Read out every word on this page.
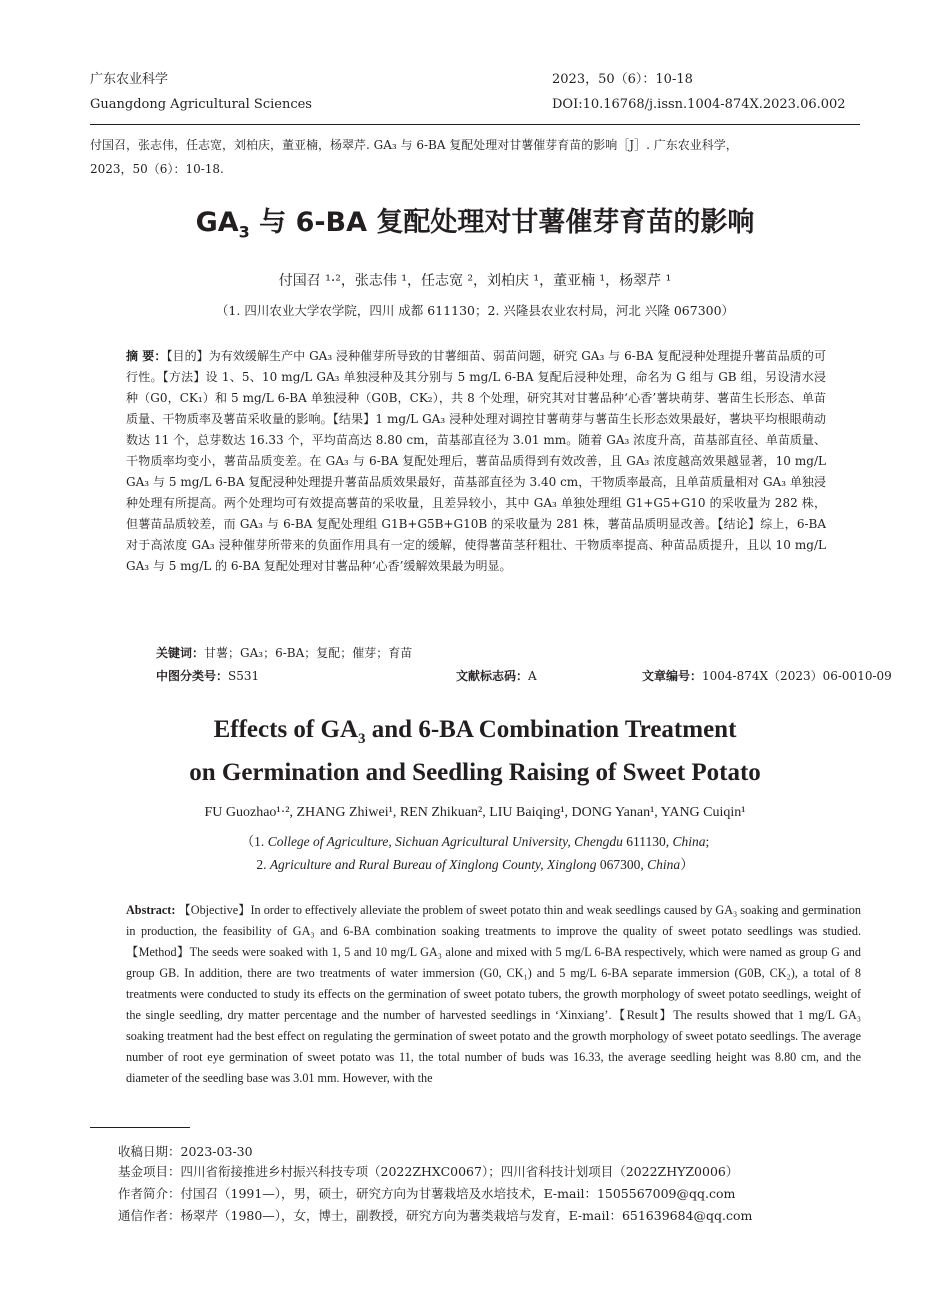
广东农业科学	2023，50（6）：10-18
Guangdong Agricultural Sciences	DOI:10.16768/j.issn.1004-874X.2023.06.002
付国召，张志伟，任志宽，刘柏庆，董亚楠，杨翠芹. GA₃ 与 6-BA 复配处理对甘薯催芽育苗的影响［J］. 广东农业科学，
2023，50（6）：10-18.
$GA_3$ 与 6-BA 复配处理对甘薯催芽育苗的影响
付国召 ¹·²，张志伟 ¹，任志宽 ²，刘柏庆 ¹，董亚楠 ¹，杨翠芹 ¹
（1. 四川农业大学农学院，四川 成都 611130；2. 兴隆县农业农村局，河北 兴隆 067300）
摘 要：【目的】为有效缓解生产中 GA₃ 浸种催芽所导致的甘薯细苗、弱苗问题，研究 GA₃ 与 6-BA 复配浸种处理提升薯苗品质的可行性。【方法】设 1、5、10 mg/L GA₃ 单独浸种及其分别与 5 mg/L 6-BA 复配后浸种处理，命名为 G 组与 GB 组，另设清水浸种（G0，CK₁）和 5 mg/L 6-BA 单独浸种（G0B，CK₂），共 8 个处理，研究其对甘薯品种‘心香’薯块萌芽、薯苗生长形态、单苗质量、干物质率及薯苗采收量的影响。【结果】1 mg/L GA₃ 浸种处理对调控甘薯萌芽与薯苗生长形态效果最好，薯块平均根眼萌动数达 11 个，总芽数达 16.33 个，平均苗高达 8.80 cm，苗基部直径为 3.01 mm。随着 GA₃ 浓度升高，苗基部直径、单苗质量、干物质率均变小，薯苗品质变差。在 GA₃ 与 6-BA 复配处理后，薯苗品质得到有效改善，且 GA₃ 浓度越高效果越显著，10 mg/L GA₃ 与 5 mg/L 6-BA 复配浸种处理提升薯苗品质效果最好，苗基部直径为 3.40 cm，干物质率最高，且单苗质量相对 GA₃ 单独浸种处理有所提高。两个处理均可有效提高薯苗的采收量，且差异较小，其中 GA₃ 单独处理组 G1+G5+G10 的采收量为 282 株，但薯苗品质较差，而 GA₃ 与 6-BA 复配处理组 G1B+G5B+G10B 的采收量为 281 株，薯苗品质明显改善。【结论】综上，6-BA 对于高浓度 GA₃ 浸种催芽所带来的负面作用具有一定的缓解，使得薯苗茎秆粗壮、干物质率提高、种苗品质提升，且以 10 mg/L GA₃ 与 5 mg/L 的 6-BA 复配处理对甘薯品种‘心香’缓解效果最为明显。
关键词：甘薯；GA₃；6-BA；复配；催芽；育苗
中图分类号：S531	文献标志码：A	文章编号：1004-874X（2023）06-0010-09
Effects of $GA_3$ and 6-BA Combination Treatment
on Germination and Seedling Raising of Sweet Potato
FU Guozhao¹·², ZHANG Zhiwei¹, REN Zhikuan², LIU Baiqing¹, DONG Yanan¹, YANG Cuiqin¹
（1. College of Agriculture, Sichuan Agricultural University, Chengdu 611130, China;
2. Agriculture and Rural Bureau of Xinglong County, Xinglong 067300, China）
Abstract: 【Objective】In order to effectively alleviate the problem of sweet potato thin and weak seedlings caused by GA₃ soaking and germination in production, the feasibility of GA₃ and 6-BA combination soaking treatments to improve the quality of sweet potato seedlings was studied.【Method】The seeds were soaked with 1, 5 and 10 mg/L GA₃ alone and mixed with 5 mg/L 6-BA respectively, which were named as group G and group GB. In addition, there are two treatments of water immersion (G0, CK₁) and 5 mg/L 6-BA separate immersion (G0B, CK₂), a total of 8 treatments were conducted to study its effects on the germination of sweet potato tubers, the growth morphology of sweet potato seedlings, weight of the single seedling, dry matter percentage and the number of harvested seedlings in ‘Xinxiang’.【Result】The results showed that 1 mg/L GA₃ soaking treatment had the best effect on regulating the germination of sweet potato and the growth morphology of sweet potato seedlings. The average number of root eye germination of sweet potato was 11, the total number of buds was 16.33, the average seedling height was 8.80 cm, and the diameter of the seedling base was 3.01 mm. However, with the
收稿日期：2023-03-30
基金项目：四川省衔接推进乡村振兴科技专项（2022ZHXC0067）；四川省科技计划项目（2022ZHYZ0006）
作者简介：付国召（1991—），男，硕士，研究方向为甘薯栽培及水培技术，E-mail：1505567009@qq.com
通信作者：杨翠芹（1980—），女，博士，副教授，研究方向为薯类栽培与发育，E-mail：651639684@qq.com
